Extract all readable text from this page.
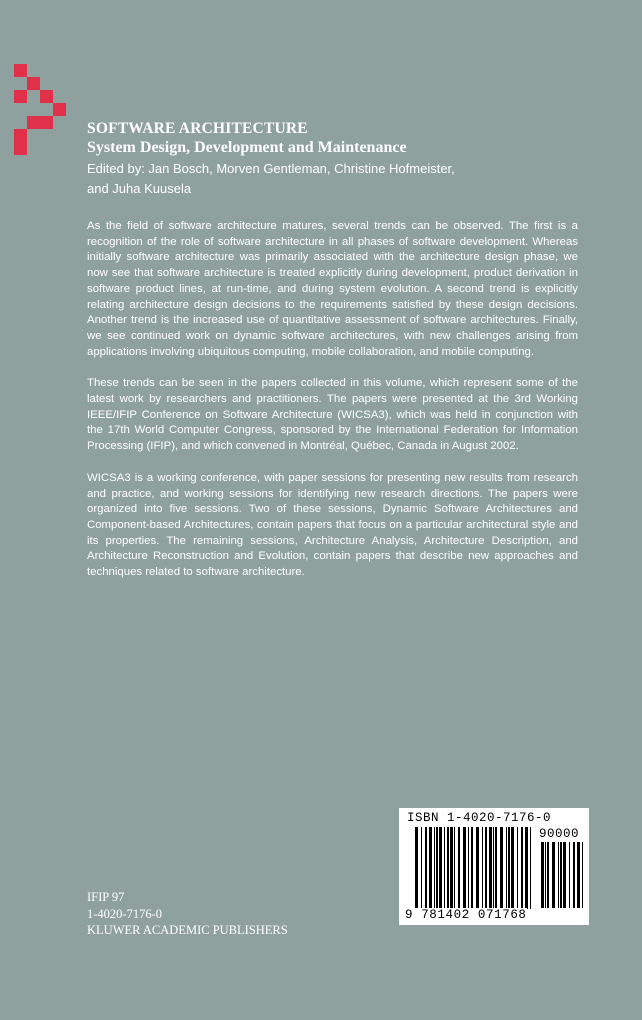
SOFTWARE ARCHITECTURE
System Design, Development and Maintenance
Edited by: Jan Bosch, Morven Gentleman, Christine Hofmeister,
and Juha Kuusela

As the field of software architecture matures, several trends can be observed. The first is a recognition of the role of software architecture in all phases of software development. Whereas initially software architecture was primarily associated with the architecture design phase, we now see that software architecture is treated explicitly during development, product derivation in software product lines, at run-time, and during system evolution. A second trend is explicitly relating architecture design decisions to the requirements satisfied by these design decisions. Another trend is the increased use of quantitative assessment of software architectures. Finally, we see continued work on dynamic software architectures, with new challenges arising from applications involving ubiquitous computing, mobile collaboration, and mobile computing.

These trends can be seen in the papers collected in this volume, which represent some of the latest work by researchers and practitioners. The papers were presented at the 3rd Working IEEE/IFIP Conference on Software Architecture (WICSA3), which was held in conjunction with the 17th World Computer Congress, sponsored by the International Federation for Information Processing (IFIP), and which convened in Montréal, Québec, Canada in August 2002.

WICSA3 is a working conference, with paper sessions for presenting new results from research and practice, and working sessions for identifying new research directions. The papers were organized into five sessions. Two of these sessions, Dynamic Software Architectures and Component-based Architectures, contain papers that focus on a particular architectural style and its properties. The remaining sessions, Architecture Analysis, Architecture Description, and Architecture Reconstruction and Evolution, contain papers that describe new approaches and techniques related to software architecture.

ISBN 1-4020-7176-0
90000
9 781402 071768
IFIP 97
1-4020-7176-0
KLUWER ACADEMIC PUBLISHERS
